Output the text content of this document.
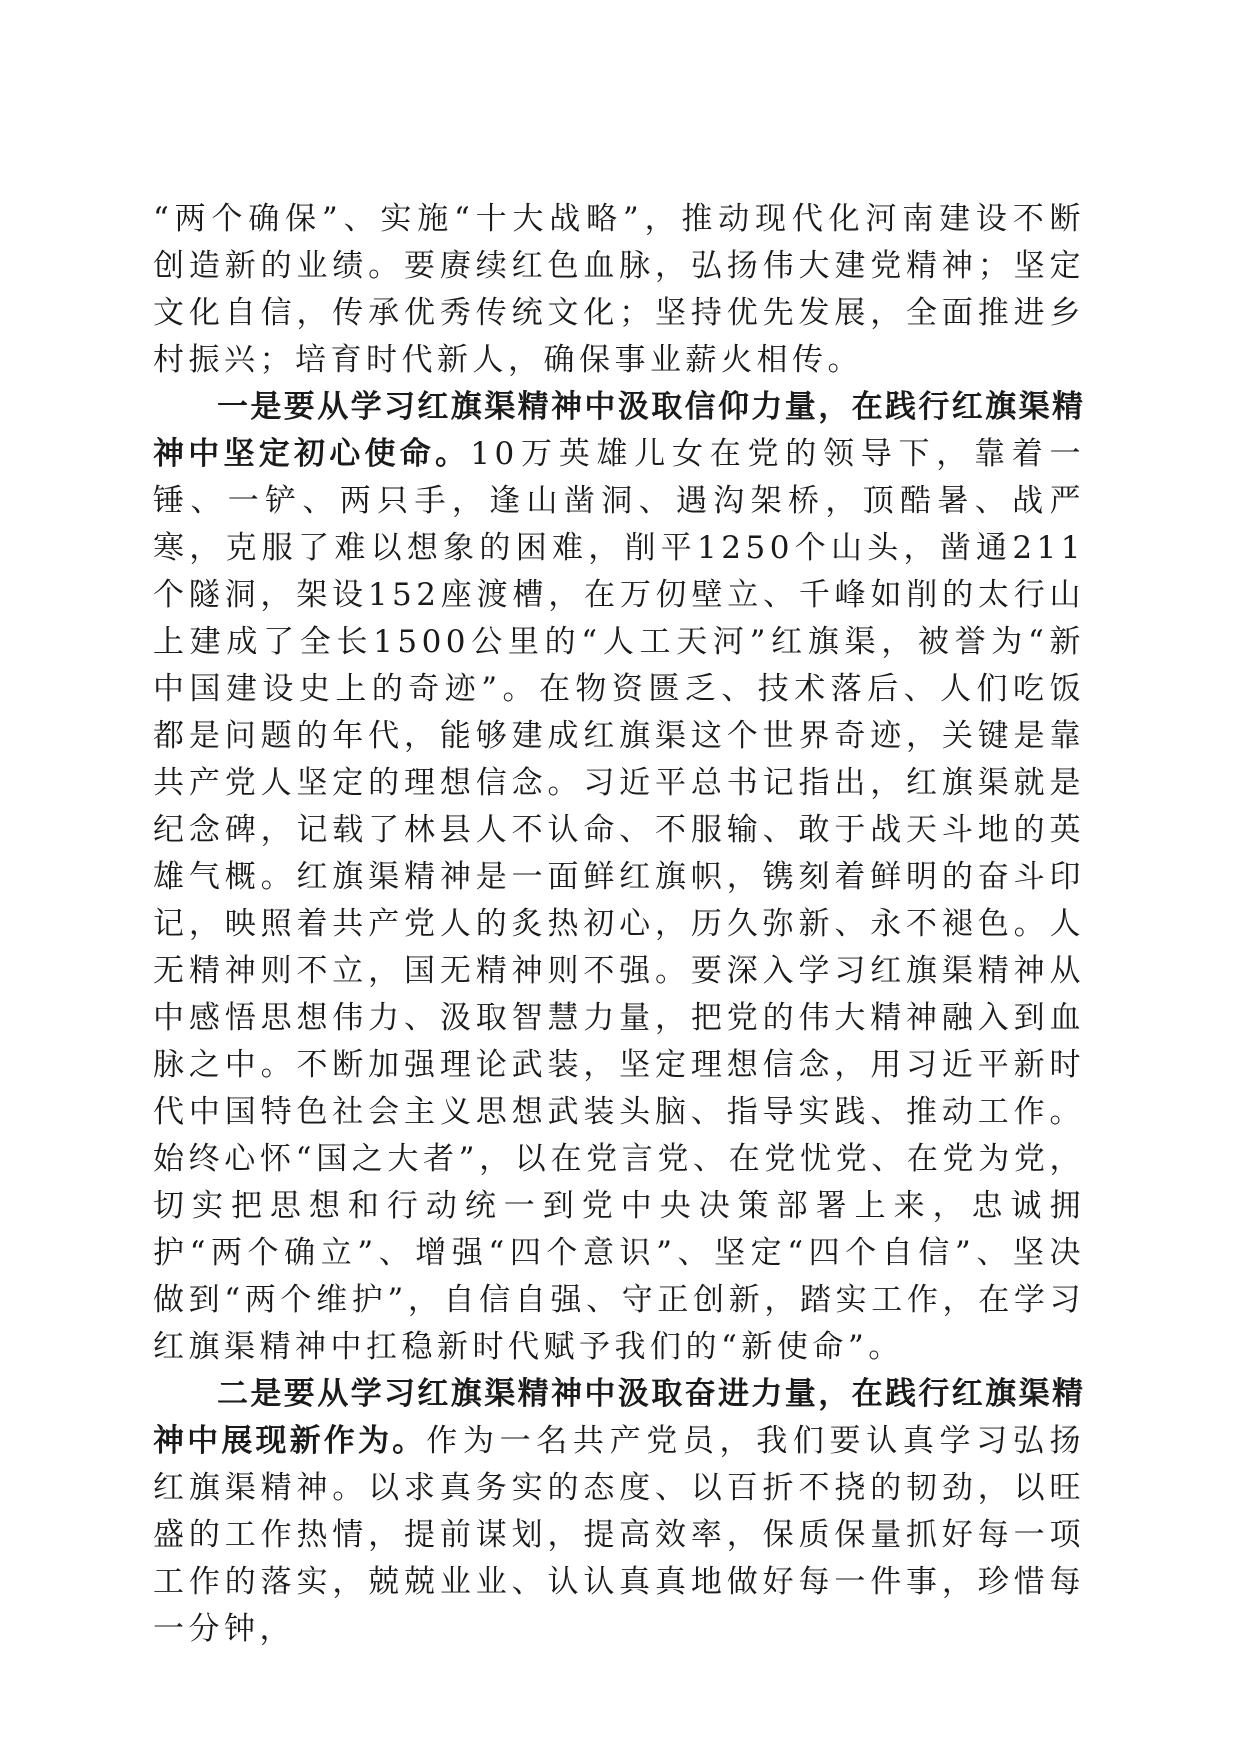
“两个确保”、实施“十大战略”，推动现代化河南建设不断创造新的业绩。要赓续红色血脉，弘扬伟大建党精神；坚定文化自信，传承优秀传统文化；坚持优先发展，全面推进乡村振兴；培育时代新人，确保事业薪火相传。

一是要从学习红旗渠精神中汲取信仰力量，在践行红旗渠精神中坚定初心使命。10万英雄儿女在党的领导下，靠着一锤、一铲、两只手，逢山凿洞、遇沟架桥，顶酷暑、战严寒，克服了难以想象的困难，削平1250个山头，凿通211个隧洞，架设152座渡槽，在万仞壁立、千峰如削的太行山上建成了全长1500公里的“人工天河”红旗渠，被誉为“新中国建设史上的奇迹”。在物资匮乏、技术落后、人们吃饭都是问题的年代，能够建成红旗渠这个世界奇迹，关键是靠共产党人坚定的理想信念。习近平总书记指出，红旗渠就是纪念碑，记载了林县人不认命、不服输、敢于战天斗地的英雄气概。红旗渠精神是一面鲜红旗帜，镌刻着鲜明的奋斗印记，映照着共产党人的炙热初心，历久弥新、永不褪色。人无精神则不立，国无精神则不强。要深入学习红旗渠精神从中感悟思想伟力、汲取智慧力量，把党的伟大精神融入到血脉之中。不断加强理论武装，坚定理想信念，用习近平新时代中国特色社会主义思想武装头脑、指导实践、推动工作。始终心怀“国之大者”，以在党言党、在党忧党、在党为党，切实把思想和行动统一到党中央决策部署上来，忠诚拥护“两个确立”、增强“四个意识”、坚定“四个自信”、坚决做到“两个维护”，自信自强、守正创新，踏实工作，在学习红旗渠精神中扛稳新时代赋予我们的“新使命”。

二是要从学习红旗渠精神中汲取奋进力量，在践行红旗渠精神中展现新作为。作为一名共产党员，我们要认真学习弘扬红旗渠精神。以求真务实的态度、以百折不挠的韧劲，以旺盛的工作热情，提前谋划，提高效率，保质保量抓好每一项工作的落实，兢兢业业、认认真真地做好每一件事，珍惜每一分钟，
